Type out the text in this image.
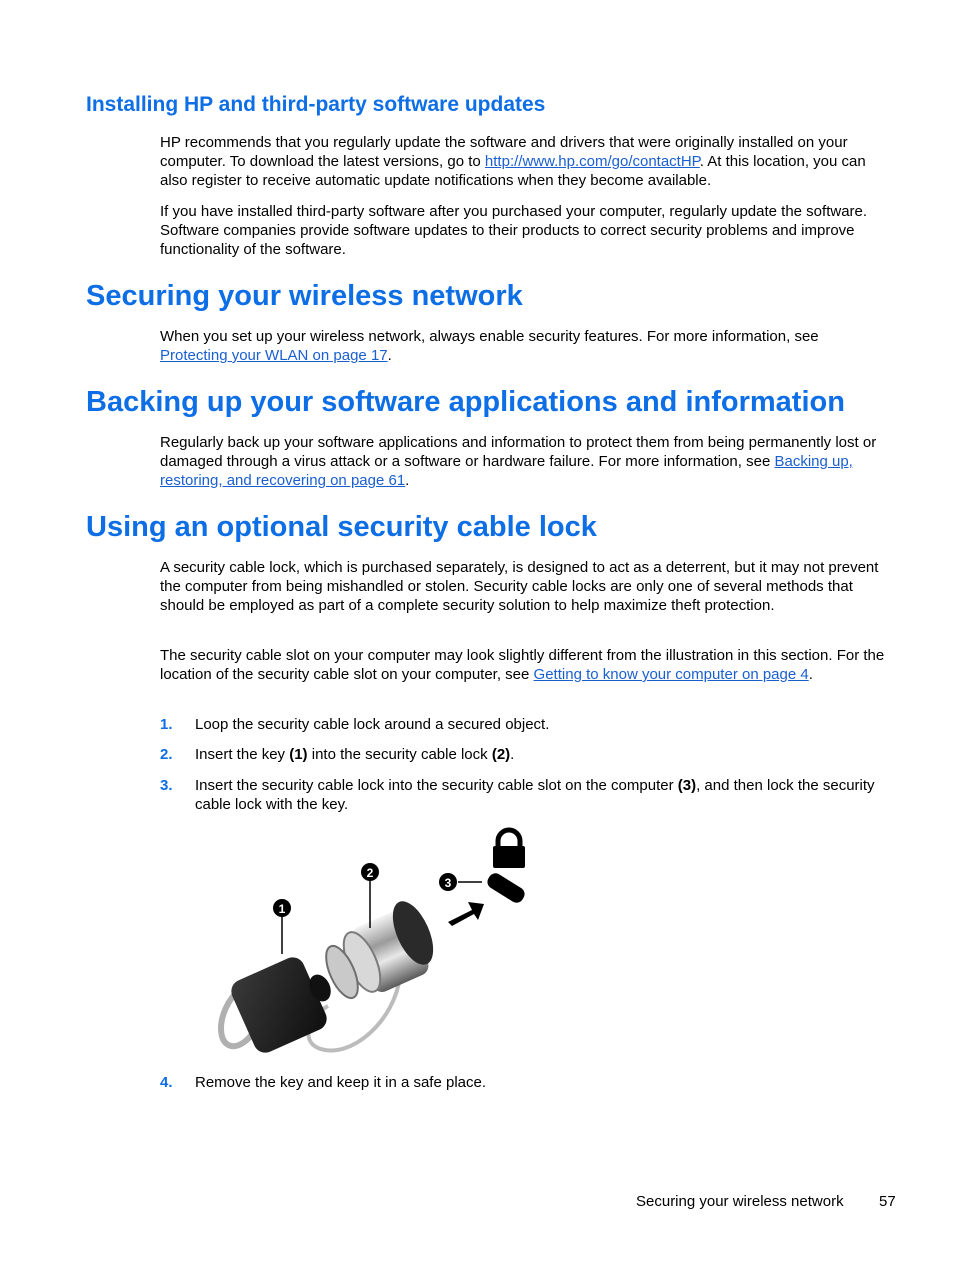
Installing HP and third-party software updates

HP recommends that you regularly update the software and drivers that were originally installed on your computer. To download the latest versions, go to http://www.hp.com/go/contactHP. At this location, you can also register to receive automatic update notifications when they become available.

If you have installed third-party software after you purchased your computer, regularly update the software. Software companies provide software updates to their products to correct security problems and improve functionality of the software.

Securing your wireless network

When you set up your wireless network, always enable security features. For more information, see Protecting your WLAN on page 17.

Backing up your software applications and information

Regularly back up your software applications and information to protect them from being permanently lost or damaged through a virus attack or a software or hardware failure. For more information, see Backing up, restoring, and recovering on page 61.

Using an optional security cable lock

A security cable lock, which is purchased separately, is designed to act as a deterrent, but it may not prevent the computer from being mishandled or stolen. Security cable locks are only one of several methods that should be employed as part of a complete security solution to help maximize theft protection.

The security cable slot on your computer may look slightly different from the illustration in this section. For the location of the security cable slot on your computer, see Getting to know your computer on page 4.

1. Loop the security cable lock around a secured object.

2. Insert the key (1) into the security cable lock (2).

3. Insert the security cable lock into the security cable slot on the computer (3), and then lock the security cable lock with the key.

1
2
3
4. Remove the key and keep it in a safe place.

Securing your wireless network 57
